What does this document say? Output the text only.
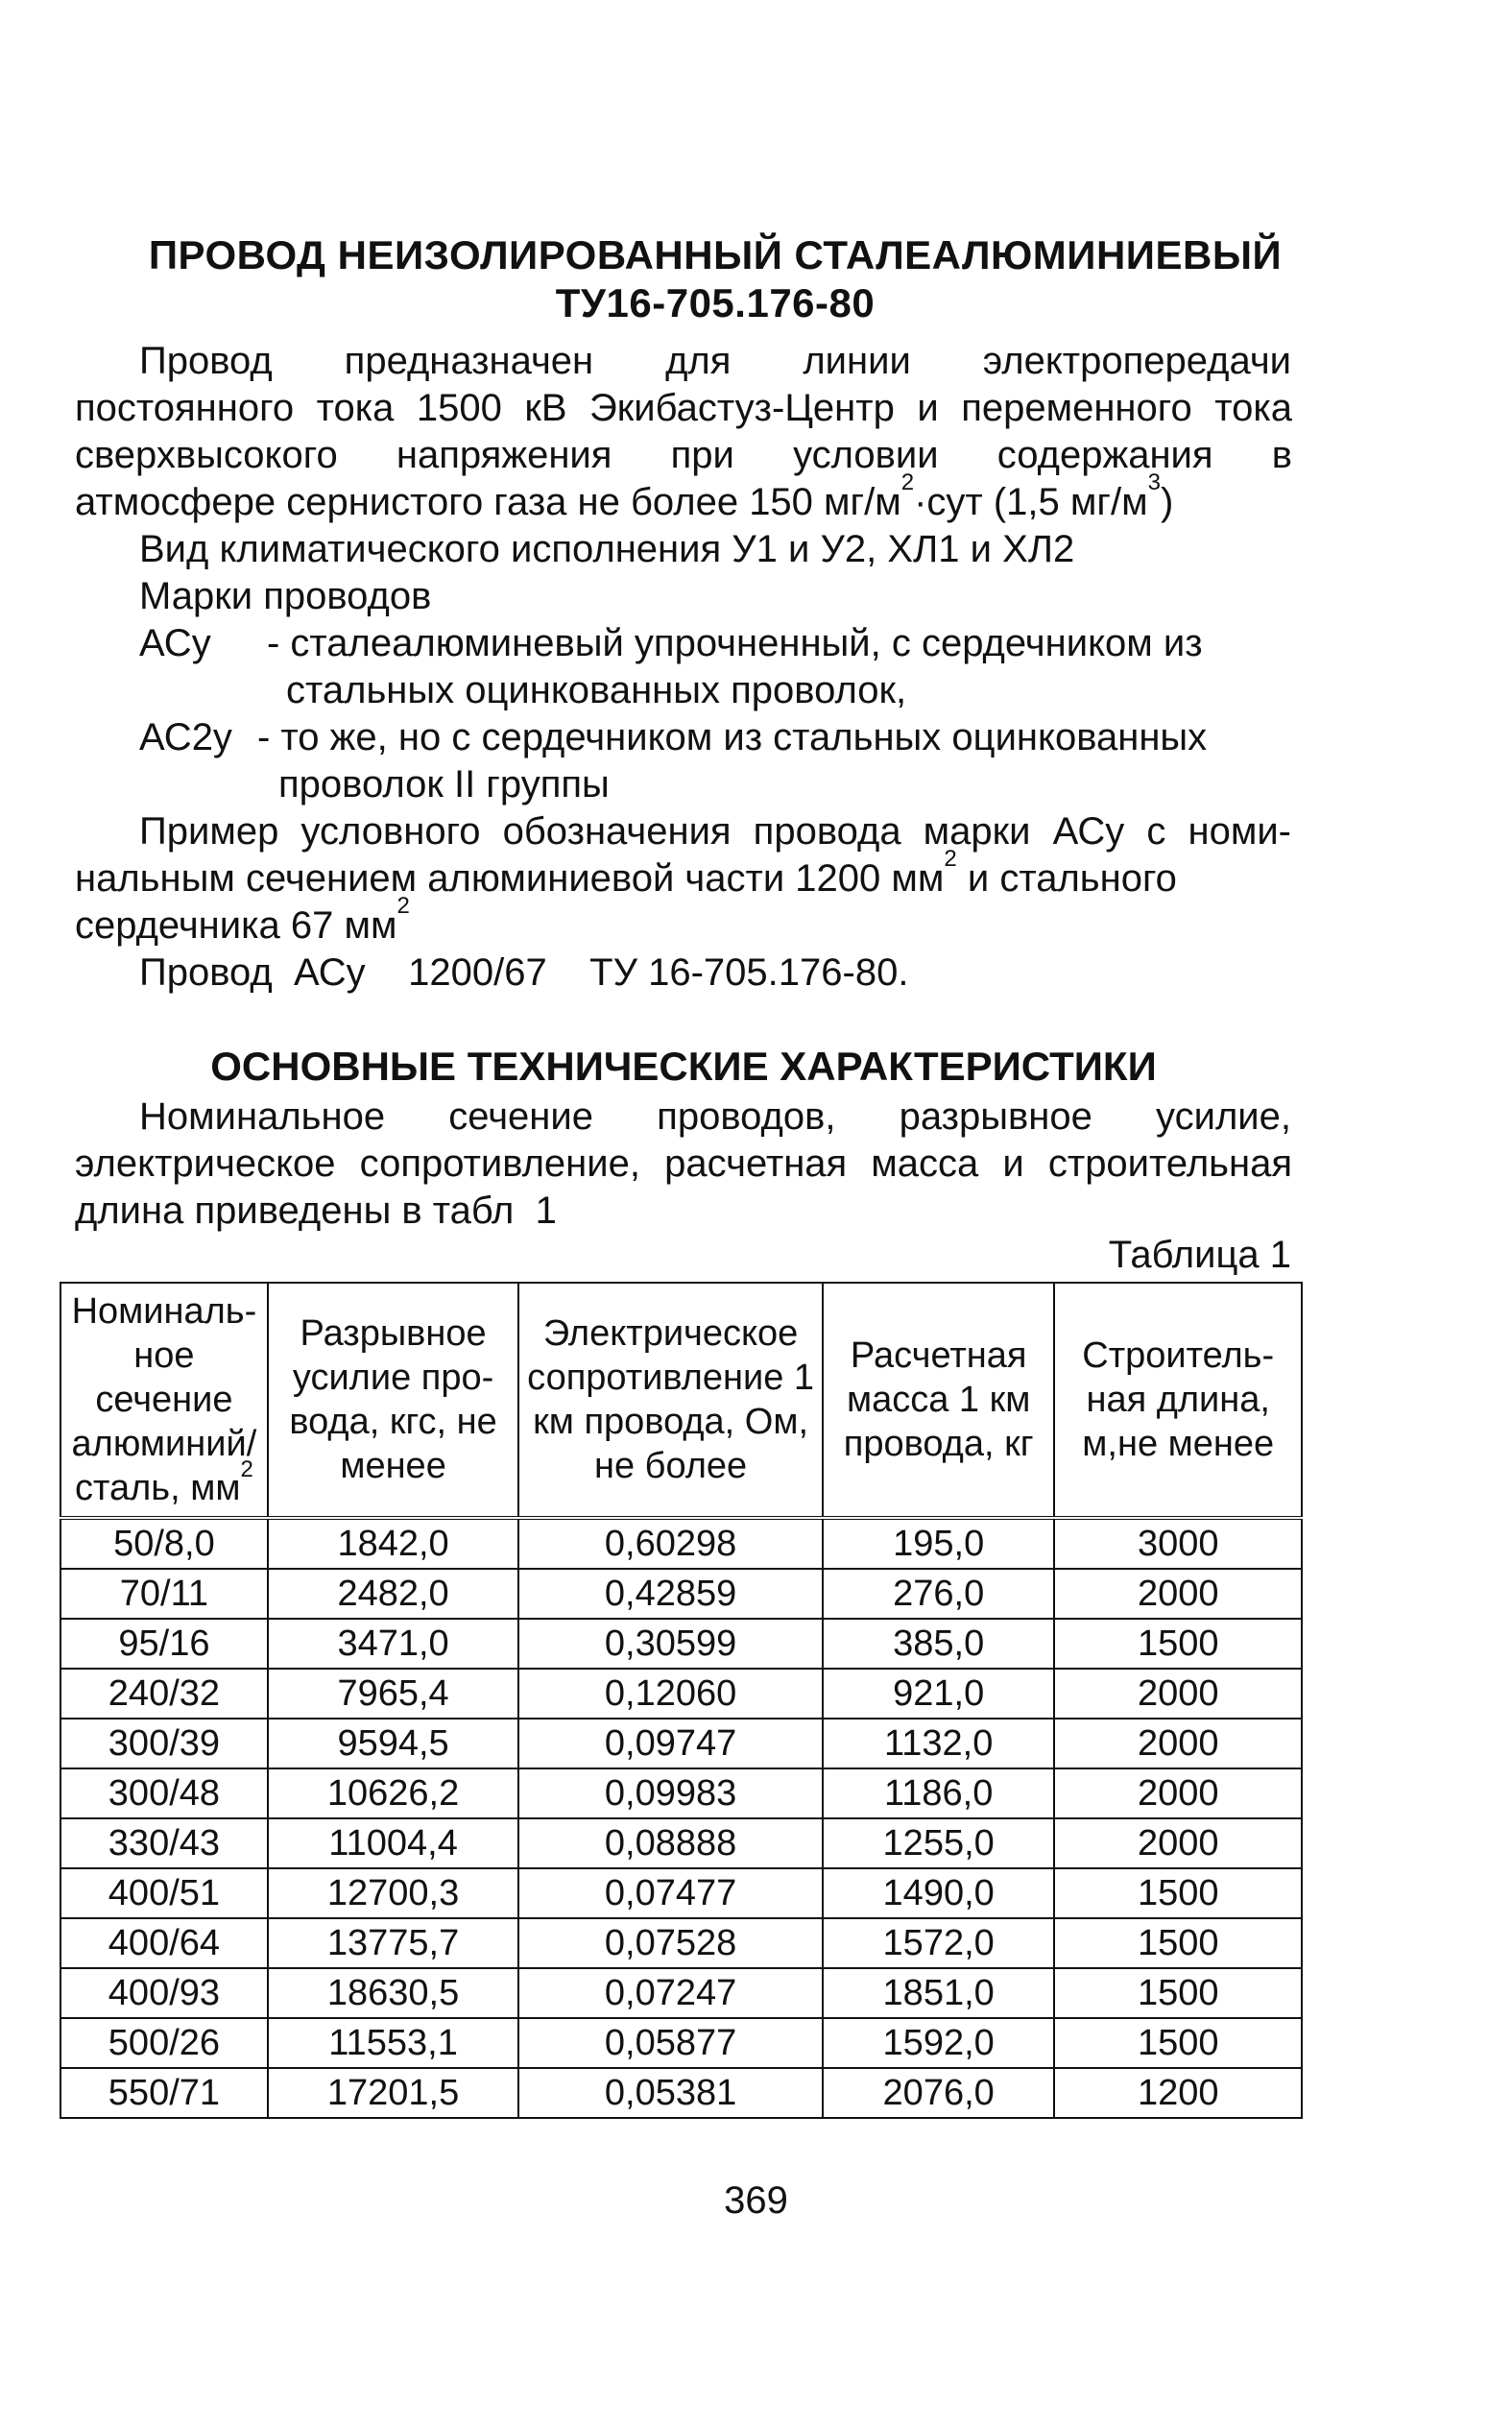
ПРОВОД НЕИЗОЛИРОВАННЫЙ СТАЛЕАЛЮМИНИЕВЫЙ
ТУ16-705.176-80
Провод предназначен для линии электропередачи
постоянного тока 1500 кВ Экибастуз-Центр и переменного тока
сверхвысокого напряжения при условии содержания в
атмосфере сернистого газа не более 150 $мг/м^2\cdot сут$ (1,5 $мг/м^3$)
Вид климатического исполнения У1 и У2, ХЛ1 и ХЛ2
Марки проводов
АСу - сталеалюминевый упрочненный, с сердечником из
стальных оцинкованных проволок,
АС2у - то же, но с сердечником из стальных оцинкованных
проволок II группы
Пример условного обозначения провода марки АСу с номи-
нальным сечением алюминиевой части 1200 $мм^2$ и стального
сердечника 67 $мм^2$
Провод  АСу    1200/67    ТУ 16-705.176-80.
ОСНОВНЫЕ ТЕХНИЧЕСКИЕ ХАРАКТЕРИСТИКИ
Номинальное сечение проводов, разрывное усилие,
электрическое сопротивление, расчетная масса и строительная
длина приведены в табл  1
Таблица 1
Номиналь-ное сечение алюминий/ сталь, $мм^2$	Разрывное усилие про-вода, кгс, не менее	Электрическое сопротивление 1 км провода, Ом, не более	Расчетная масса 1 км провода, кг	Строитель-ная длина, м,не менее
50/8,0	1842,0	0,60298	195,0	3000
70/11	2482,0	0,42859	276,0	2000
95/16	3471,0	0,30599	385,0	1500
240/32	7965,4	0,12060	921,0	2000
300/39	9594,5	0,09747	1132,0	2000
300/48	10626,2	0,09983	1186,0	2000
330/43	11004,4	0,08888	1255,0	2000
400/51	12700,3	0,07477	1490,0	1500
400/64	13775,7	0,07528	1572,0	1500
400/93	18630,5	0,07247	1851,0	1500
500/26	11553,1	0,05877	1592,0	1500
550/71	17201,5	0,05381	2076,0	1200
369
